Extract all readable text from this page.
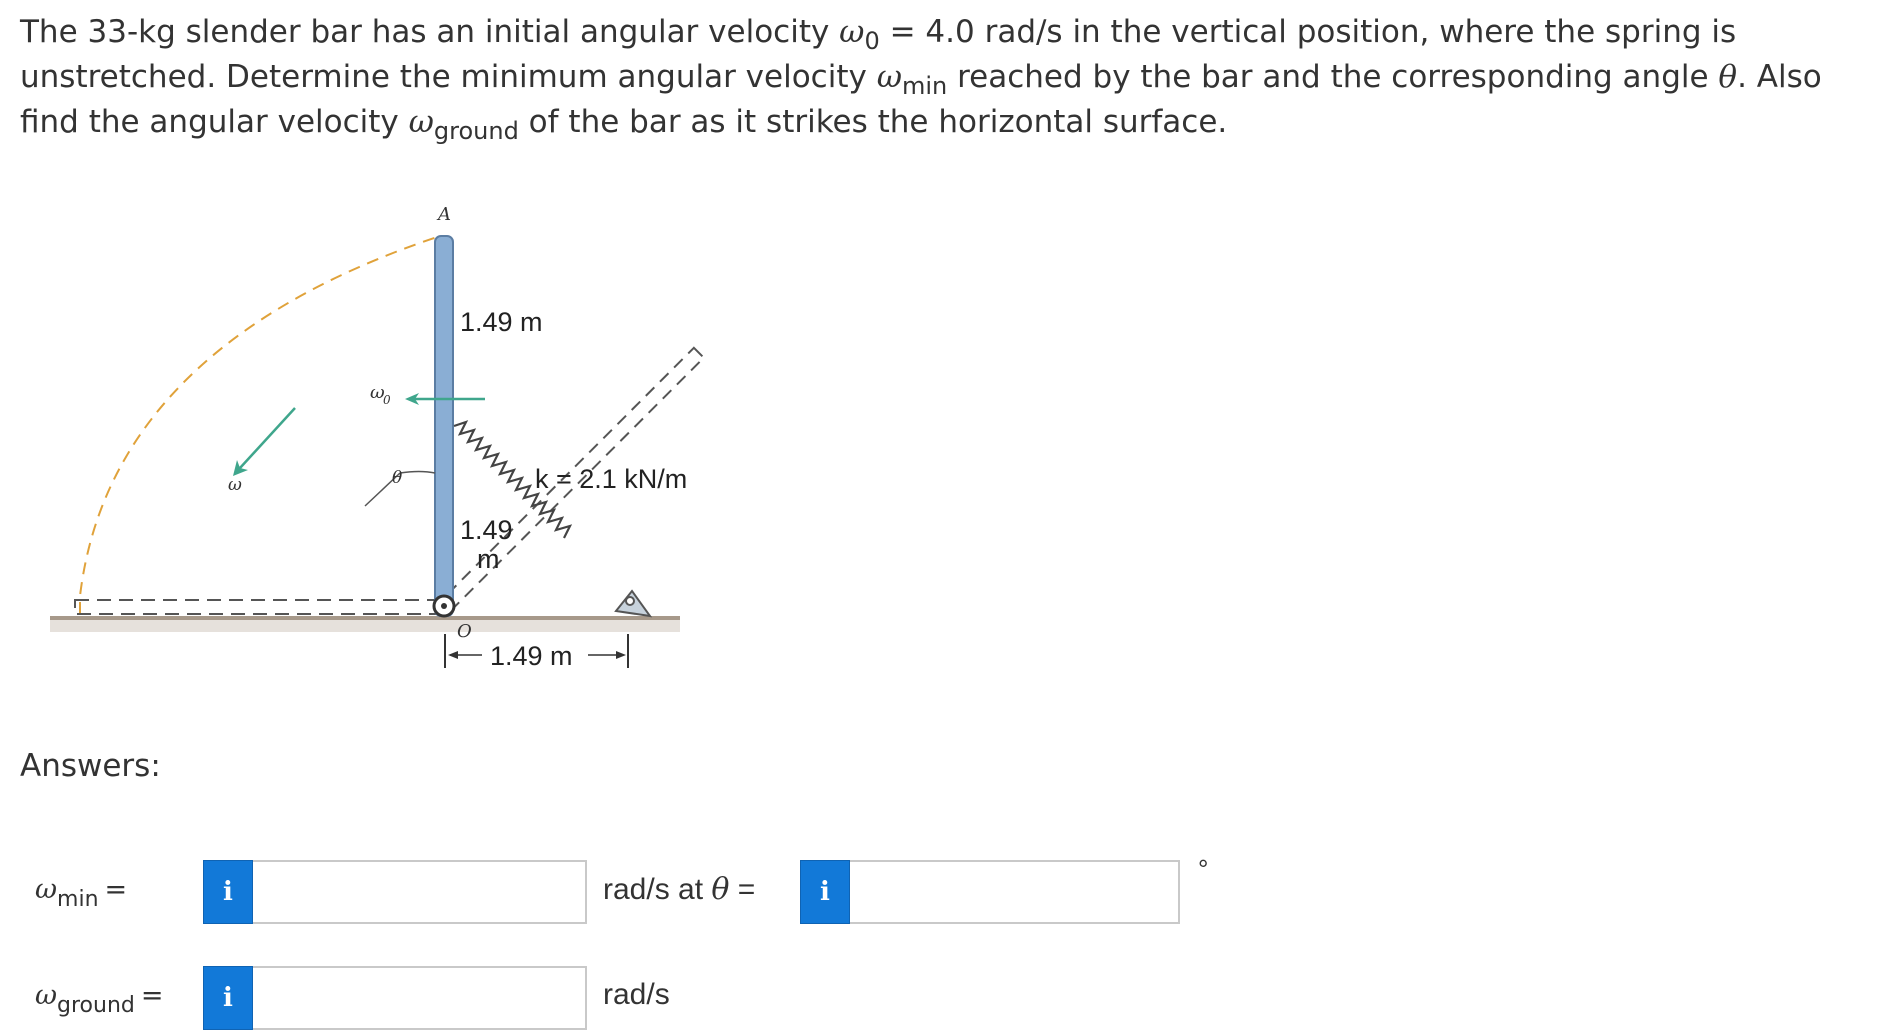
The 33-kg slender bar has an initial angular velocity $\omega_0 = 4.0$ rad/s in the vertical position, where the spring is unstretched. Determine the minimum angular velocity $\omega_{min}$ reached by the bar and the corresponding angle θ. Also find the angular velocity $\omega_{ground}$ of the bar as it strikes the horizontal surface.
A
O
ω
0
ω	θ
1.49 m
1.49
m
k = 2.1 kN/m
1.49 m
Answers:
$\omega_{min}$ =	i	rad/s at θ =	i
°
$\omega_{ground}$ =	i	rad/s
